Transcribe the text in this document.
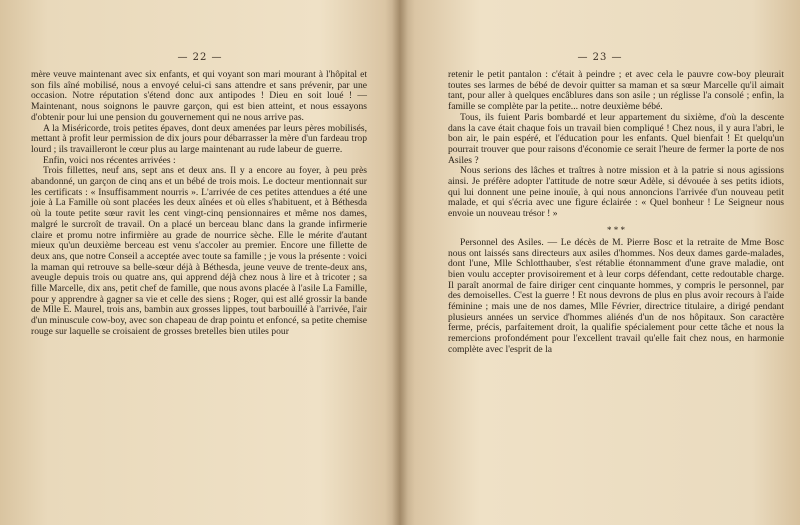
— 22 —

mère veuve maintenant avec six enfants, et qui voyant son mari mourant à l'hôpital et son fils aîné mobilisé, nous a envoyé celui-ci sans attendre et sans prévenir, par une occasion. Notre réputation s'étend donc aux antipodes ! Dieu en soit loué ! — Maintenant, nous soignons le pauvre garçon, qui est bien atteint, et nous essayons d'obtenir pour lui une pension du gouvernement qui ne nous arrive pas.

A la Miséricorde, trois petites épaves, dont deux amenées par leurs pères mobilisés, mettant à profit leur permission de dix jours pour débarrasser la mère d'un fardeau trop lourd ; ils travailleront le cœur plus au large maintenant au rude labeur de guerre.

Enfin, voici nos récentes arrivées :

Trois fillettes, neuf ans, sept ans et deux ans. Il y a encore au foyer, à peu près abandonné, un garçon de cinq ans et un bébé de trois mois. Le docteur mentionnait sur les certificats : « Insuffisamment nourris ». L'arrivée de ces petites attendues a été une joie à La Famille où sont placées les deux aînées et où elles s'habituent, et à Béthesda où la toute petite sœur ravit les cent vingt-cinq pensionnaires et même nos dames, malgré le surcroît de travail. On a placé un berceau blanc dans la grande infirmerie claire et promu notre infirmière au grade de nourrice sèche. Elle le mérite d'autant mieux qu'un deuxième berceau est venu s'accoler au premier. Encore une fillette de deux ans, que notre Conseil a acceptée avec toute sa famille ; je vous la présente : voici la maman qui retrouve sa belle-sœur déjà à Béthesda, jeune veuve de trente-deux ans, aveugle depuis trois ou quatre ans, qui apprend déjà chez nous à lire et à tricoter ; sa fille Marcelle, dix ans, petit chef de famille, que nous avons placée à l'asile La Famille, pour y apprendre à gagner sa vie et celle des siens ; Roger, qui est allé grossir la bande de Mlle E. Maurel, trois ans, bambin aux grosses lippes, tout barbouillé à l'arrivée, l'air d'un minuscule cow-boy, avec son chapeau de drap pointu et enfoncé, sa petite chemise rouge sur laquelle se croisaient de grosses bretelles bien utiles pour

— 23 —

retenir le petit pantalon : c'était à peindre ; et avec cela le pauvre cow-boy pleurait toutes ses larmes de bébé de devoir quitter sa maman et sa sœur Marcelle qu'il aimait tant, pour aller à quelques encâblures dans son asile ; un réglisse l'a consolé ; enfin, la famille se complète par la petite... notre deuxième bébé.

Tous, ils fuient Paris bombardé et leur appartement du sixième, d'où la descente dans la cave était chaque fois un travail bien compliqué ! Chez nous, il y aura l'abri, le bon air, le pain espéré, et l'éducation pour les enfants. Quel bienfait ! Et quelqu'un pourrait trouver que pour raisons d'économie ce serait l'heure de fermer la porte de nos Asiles ?

Nous serions des lâches et traîtres à notre mission et à la patrie si nous agissions ainsi. Je préfère adopter l'attitude de notre sœur Adèle, si dévouée à ses petits idiots, qui lui donnent une peine inouïe, à qui nous annoncions l'arrivée d'un nouveau petit malade, et qui s'écria avec une figure éclairée : « Quel bonheur ! Le Seigneur nous envoie un nouveau trésor ! »

* * *

Personnel des Asiles. — Le décès de M. Pierre Bosc et la retraite de Mme Bosc nous ont laissés sans directeurs aux asiles d'hommes. Nos deux dames garde-malades, dont l'une, Mlle Schlotthauber, s'est rétablie étonnamment d'une grave maladie, ont bien voulu accepter provisoirement et à leur corps défendant, cette redoutable charge. Il paraît anormal de faire diriger cent cinquante hommes, y compris le personnel, par des demoiselles. C'est la guerre ! Et nous devrons de plus en plus avoir recours à l'aide féminine ; mais une de nos dames, Mlle Février, directrice titulaire, a dirigé pendant plusieurs années un service d'hommes aliénés d'un de nos hôpitaux. Son caractère ferme, précis, parfaitement droit, la qualifie spécialement pour cette tâche et nous la remercions profondément pour l'excellent travail qu'elle fait chez nous, en harmonie complète avec l'esprit de la
